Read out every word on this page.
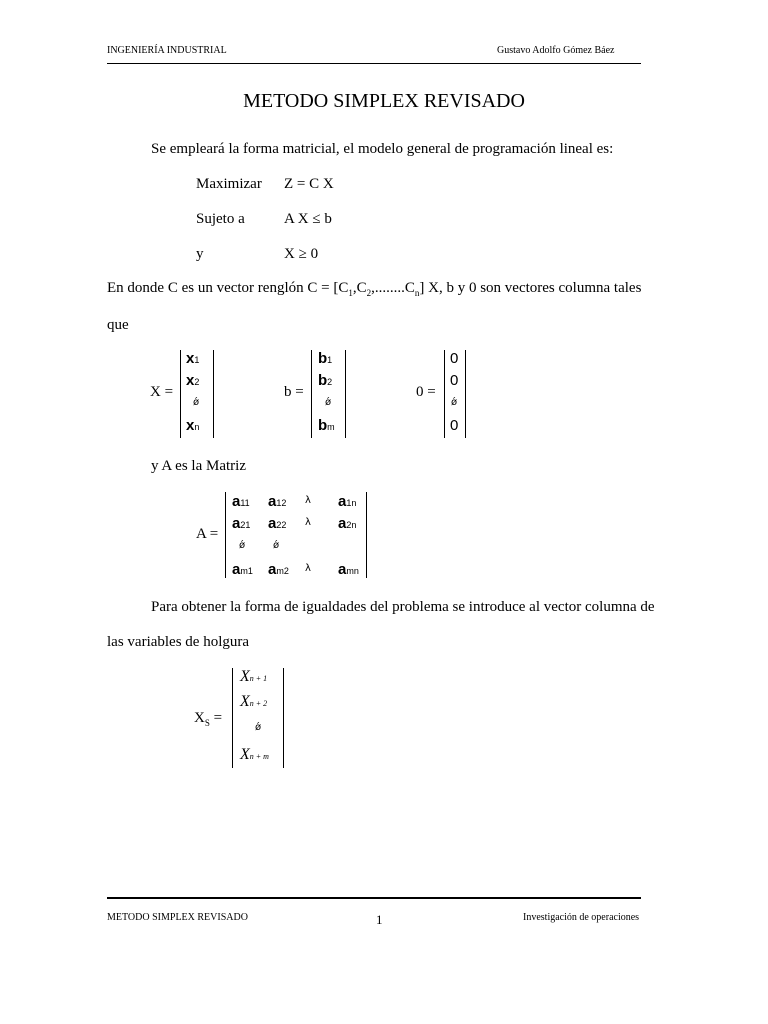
INGENIERÍA INDUSTRIAL	Gustavo Adolfo Gómez Báez
METODO SIMPLEX REVISADO
Se empleará la forma matricial, el modelo general de programación lineal es:
Maximizar Z = C X
Sujeto a	A X ≤ b
y	X ≥ 0
En donde C es un vector renglón $C = [C_1,C_2,........C_n]$ X, b y 0 son vectores columna tales
que
X =
x1
x2
ǿ
xn
b =
b1
b2
ǿ
bm
0 =
0
0
ǿ
0
y A es la Matriz
A =
a11 a12 λ a1n
a21 a22 λ a2n
ǿ	ǿ
am1 am2 λ amn
Para obtener la forma de igualdades del problema se introduce al vector columna de
las variables de holgura
$X_S$ =
Xn + 1
Xn + 2
ǿ
Xn + m
METODO SIMPLEX REVISADO	1	Investigación de operaciones
